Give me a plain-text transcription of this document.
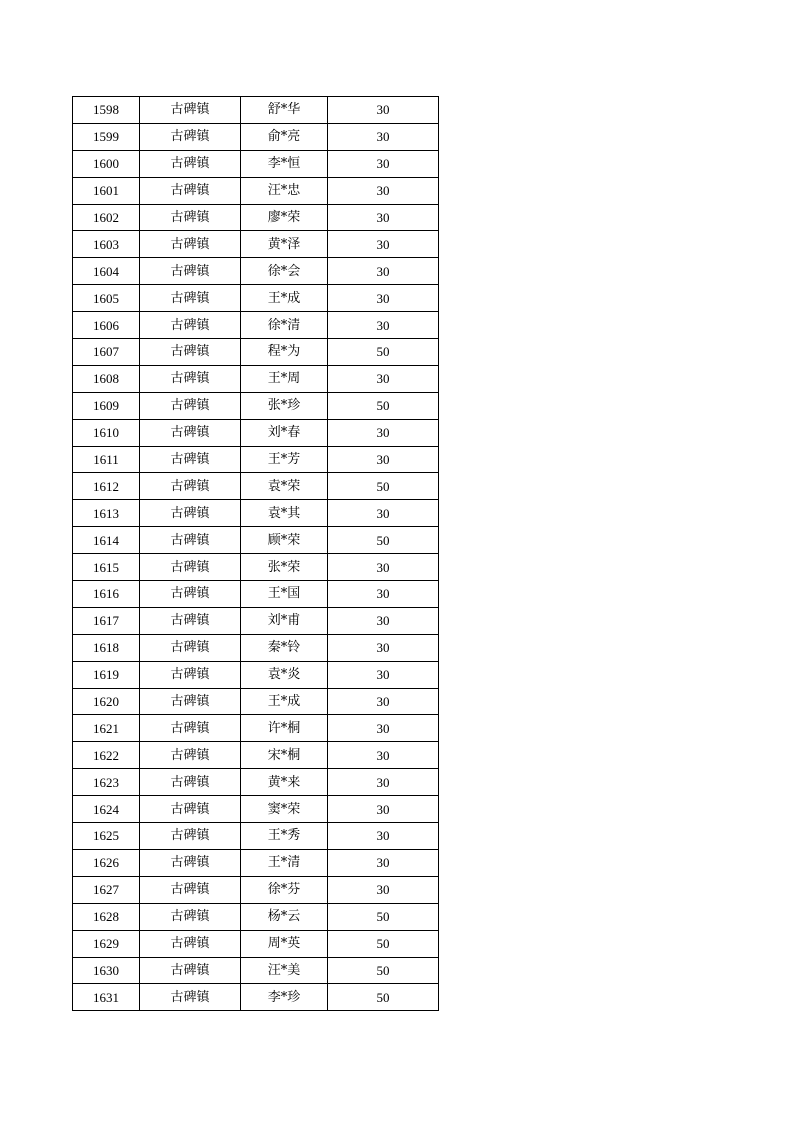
1598	古碑镇	舒*华	30
1599	古碑镇	俞*亮	30
1600	古碑镇	李*恒	30
1601	古碑镇	汪*忠	30
1602	古碑镇	廖*荣	30
1603	古碑镇	黄*泽	30
1604	古碑镇	徐*会	30
1605	古碑镇	王*成	30
1606	古碑镇	徐*清	30
1607	古碑镇	程*为	50
1608	古碑镇	王*周	30
1609	古碑镇	张*珍	50
1610	古碑镇	刘*春	30
1611	古碑镇	王*芳	30
1612	古碑镇	袁*荣	50
1613	古碑镇	袁*其	30
1614	古碑镇	顾*荣	50
1615	古碑镇	张*荣	30
1616	古碑镇	王*国	30
1617	古碑镇	刘*甫	30
1618	古碑镇	秦*铃	30
1619	古碑镇	袁*炎	30
1620	古碑镇	王*成	30
1621	古碑镇	许*桐	30
1622	古碑镇	宋*桐	30
1623	古碑镇	黄*来	30
1624	古碑镇	窦*荣	30
1625	古碑镇	王*秀	30
1626	古碑镇	王*清	30
1627	古碑镇	徐*芬	30
1628	古碑镇	杨*云	50
1629	古碑镇	周*英	50
1630	古碑镇	汪*美	50
1631	古碑镇	李*珍	50
